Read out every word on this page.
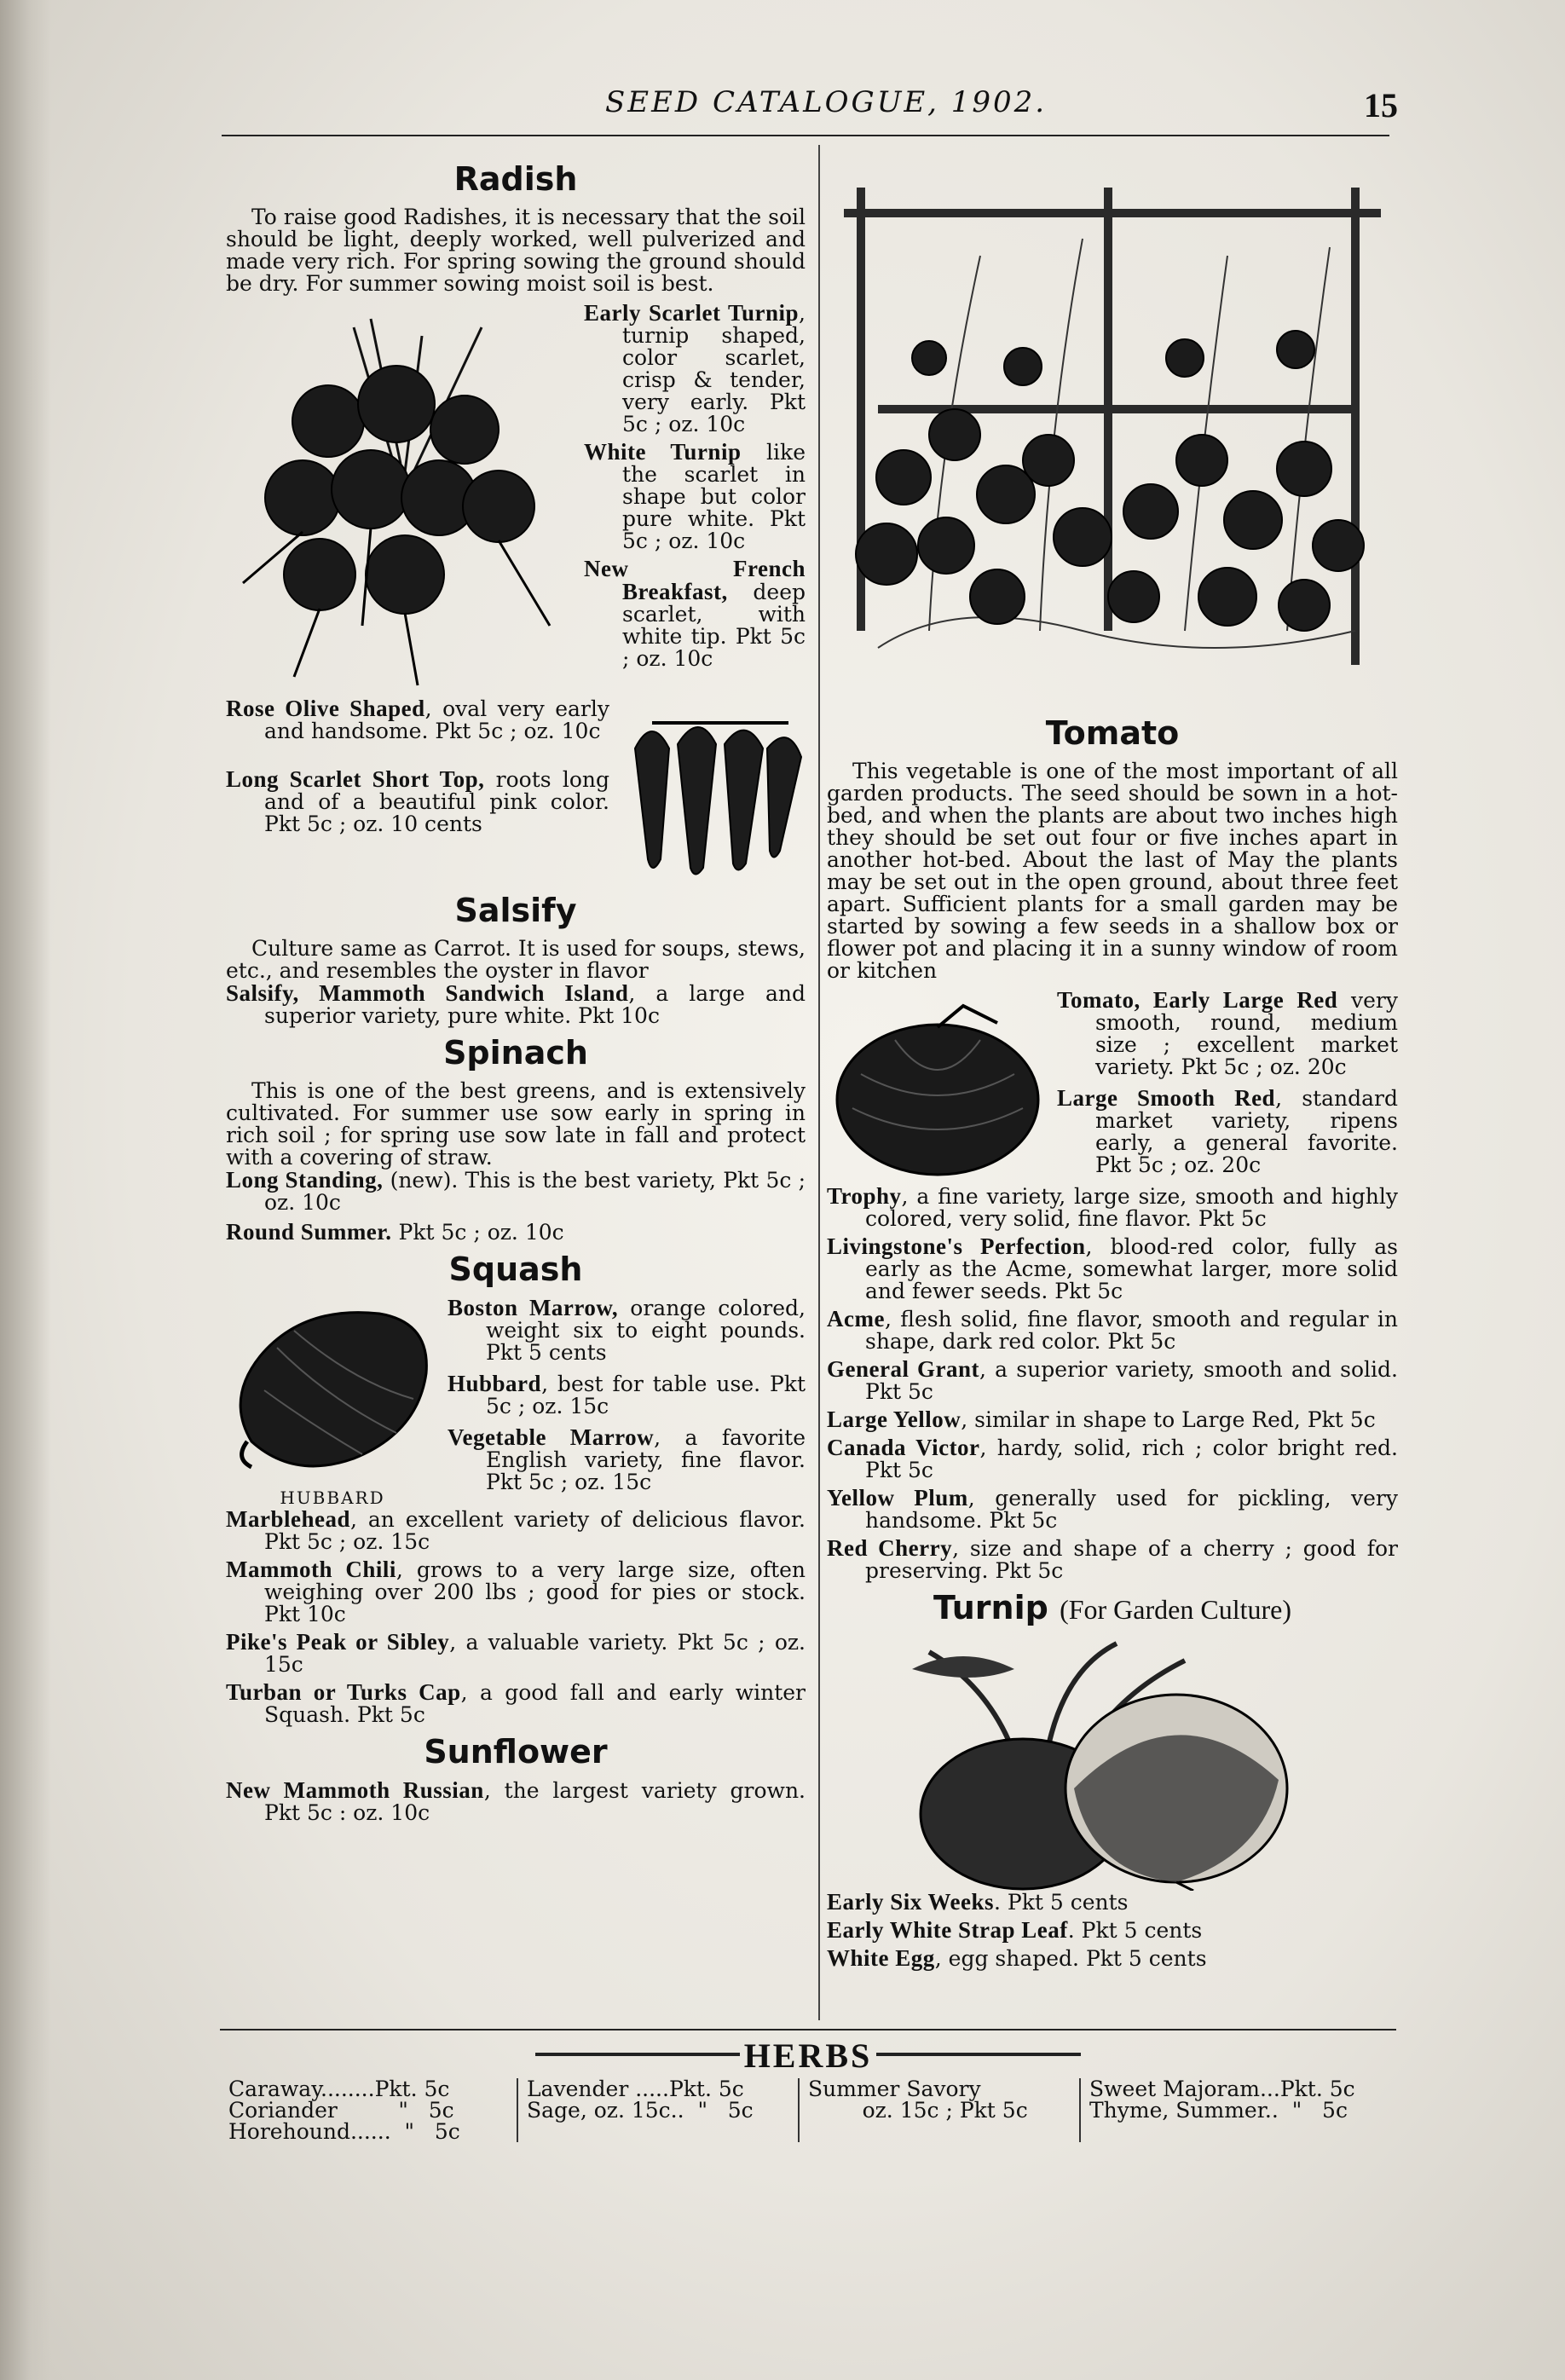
SEED CATALOGUE, 1902.	15
Radish

To raise good Radishes, it is necessary that the soil should be light, deeply worked, well pulverized and made very rich. For spring sowing the ground should be dry. For summer sowing moist soil is best.

Early Scarlet Turnip, turnip shaped, color scarlet, crisp & tender, very early. Pkt 5c ; oz. 10c
White Turnip like the scarlet in shape but color pure white. Pkt 5c ; oz. 10c
New French Breakfast, deep scarlet, with white tip. Pkt 5c ; oz. 10c
Rose Olive Shaped, oval very early and handsome. Pkt 5c ; oz. 10c
Long Scarlet Short Top, roots long and of a beautiful pink color. Pkt 5c ; oz. 10 cents
Salsify

Culture same as Carrot. It is used for soups, stews, etc., and resembles the oyster in flavor

Salsify, Mammoth Sandwich Island, a large and superior variety, pure white. Pkt 10c
Spinach

This is one of the best greens, and is extensively cultivated. For summer use sow early in spring in rich soil ; for spring use sow late in fall and protect with a covering of straw.

Long Standing, (new). This is the best variety, Pkt 5c ; oz. 10c
Round Summer. Pkt 5c ; oz. 10c
Squash
HUBBARD
Boston Marrow, orange colored, weight six to eight pounds. Pkt 5 cents
Hubbard, best for table use. Pkt 5c ; oz. 15c
Vegetable Marrow, a favorite English variety, fine flavor. Pkt 5c ; oz. 15c
Marblehead, an excellent variety of delicious flavor. Pkt 5c ; oz. 15c
Mammoth Chili, grows to a very large size, often weighing over 200 lbs ; good for pies or stock. Pkt 10c
Pike's Peak or Sibley, a valuable variety. Pkt 5c ; oz. 15c
Turban or Turks Cap, a good fall and early winter Squash. Pkt 5c
Sunflower
New Mammoth Russian, the largest variety grown. Pkt 5c : oz. 10c
Tomato

This vegetable is one of the most important of all garden products. The seed should be sown in a hot-bed, and when the plants are about two inches high they should be set out four or five inches apart in another hot-bed. About the last of May the plants may be set out in the open ground, about three feet apart. Sufficient plants for a small garden may be started by sowing a few seeds in a shallow box or flower pot and placing it in a sunny window of room or kitchen

Tomato, Early Large Red very smooth, round, medium size ; excellent market variety. Pkt 5c ; oz. 20c
Large Smooth Red, standard market variety, ripens early, a general favorite. Pkt 5c ; oz. 20c
Trophy, a fine variety, large size, smooth and highly colored, very solid, fine flavor. Pkt 5c
Livingstone's Perfection, blood-red color, fully as early as the Acme, somewhat larger, more solid and fewer seeds. Pkt 5c
Acme, flesh solid, fine flavor, smooth and regular in shape, dark red color. Pkt 5c
General Grant, a superior variety, smooth and solid. Pkt 5c
Large Yellow, similar in shape to Large Red, Pkt 5c
Canada Victor, hardy, solid, rich ; color bright red. Pkt 5c
Yellow Plum, generally used for pickling, very handsome. Pkt 5c
Red Cherry, size and shape of a cherry ; good for preserving. Pkt 5c
Turnip (For Garden Culture)
Early Six Weeks. Pkt 5 cents
Early White Strap Leaf. Pkt 5 cents
White Egg, egg shaped. Pkt 5 cents
HERBS
Caraway........Pkt. 5c
Coriander         "   5c
Horehound......  "   5c
Lavender .....Pkt. 5c
Sage, oz. 15c..  "   5c
Summer Savory
oz. 15c ; Pkt 5c
Sweet Majoram...Pkt. 5c
Thyme, Summer..  "   5c
